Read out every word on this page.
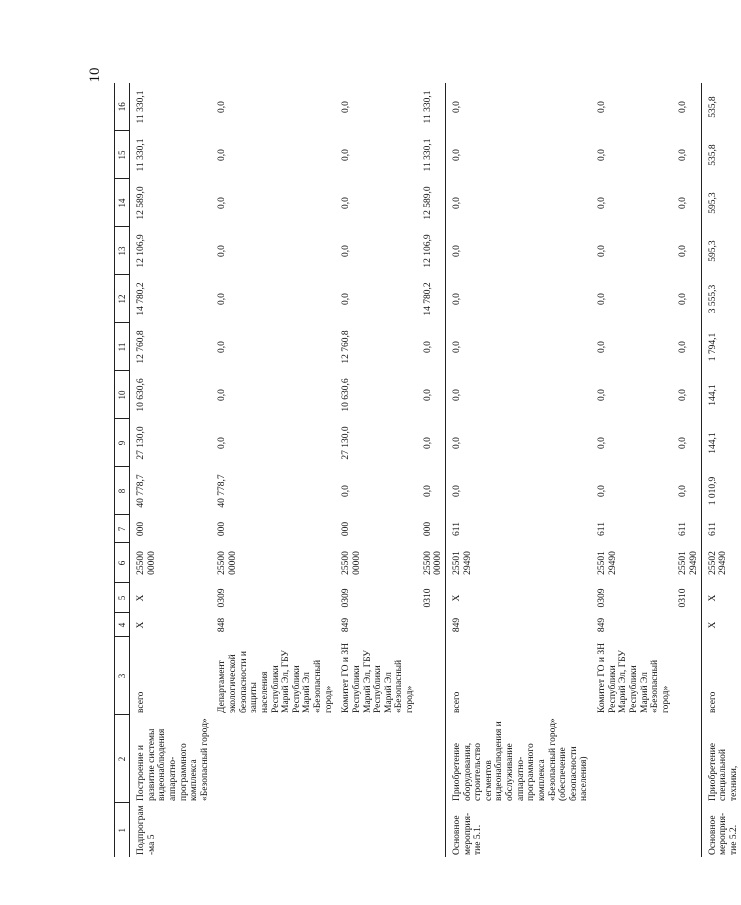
10
1	2	3	4	5	6	7	8	9	10	11	12	13	14	15	16
Подпрограм-ма 5	Построение и развитие системы видеонаблюдения аппаратно-программного комплекса «Безопасный город»	всего	Х	Х	25500 00000	000	40 778,7	27 130,0	10 630,6	12 760,8	14 780,2	12 106,9	12 589,0	11 330,1	11 330,1
		Департамент экологической безопасности и защиты населения Республики Марий Эл, ГБУ Республики Марий Эл «Безопасный город»	848	0309	25500 00000	000	40 778,7	0,0	0,0	0,0	0,0	0,0	0,0	0,0	0,0
		Комитет ГО и ЗН Республики Марий Эл, ГБУ Республики Марий Эл «Безопасный город»	849	0309	25500 00000	000	0,0	27 130,0	10 630,6	12 760,8	0,0	0,0	0,0	0,0	0,0
				0310	25500 00000	000	0,0	0,0	0,0	0,0	14 780,2	12 106,9	12 589,0	11 330,1	11 330,1
Основное мероприя-тие 5.1.	Приобретение оборудования, строительство сегментов видеонаблюдения и обслуживание аппаратно-программного комплекса «Безопасный город» (обеспечение безопасности населения)	всего	849	Х	25501 29490	611	0,0	0,0	0,0	0,0	0,0	0,0	0,0	0,0	0,0
		Комитет ГО и ЗН Республики Марий Эл, ГБУ Республики Марий Эл «Безопасный город»	849	0309	25501 29490	611	0,0	0,0	0,0	0,0	0,0	0,0	0,0	0,0	0,0
				0310	25501 29490	611	0,0	0,0	0,0	0,0	0,0	0,0	0,0	0,0	0,0
Основное мероприя-тие 5.2.	Приобретение специальной техники,	всего	Х	Х	25502 29490	611	1 010,9	144,1	144,1	1 794,1	3 555,3	595,3	595,3	535,8	535,8
